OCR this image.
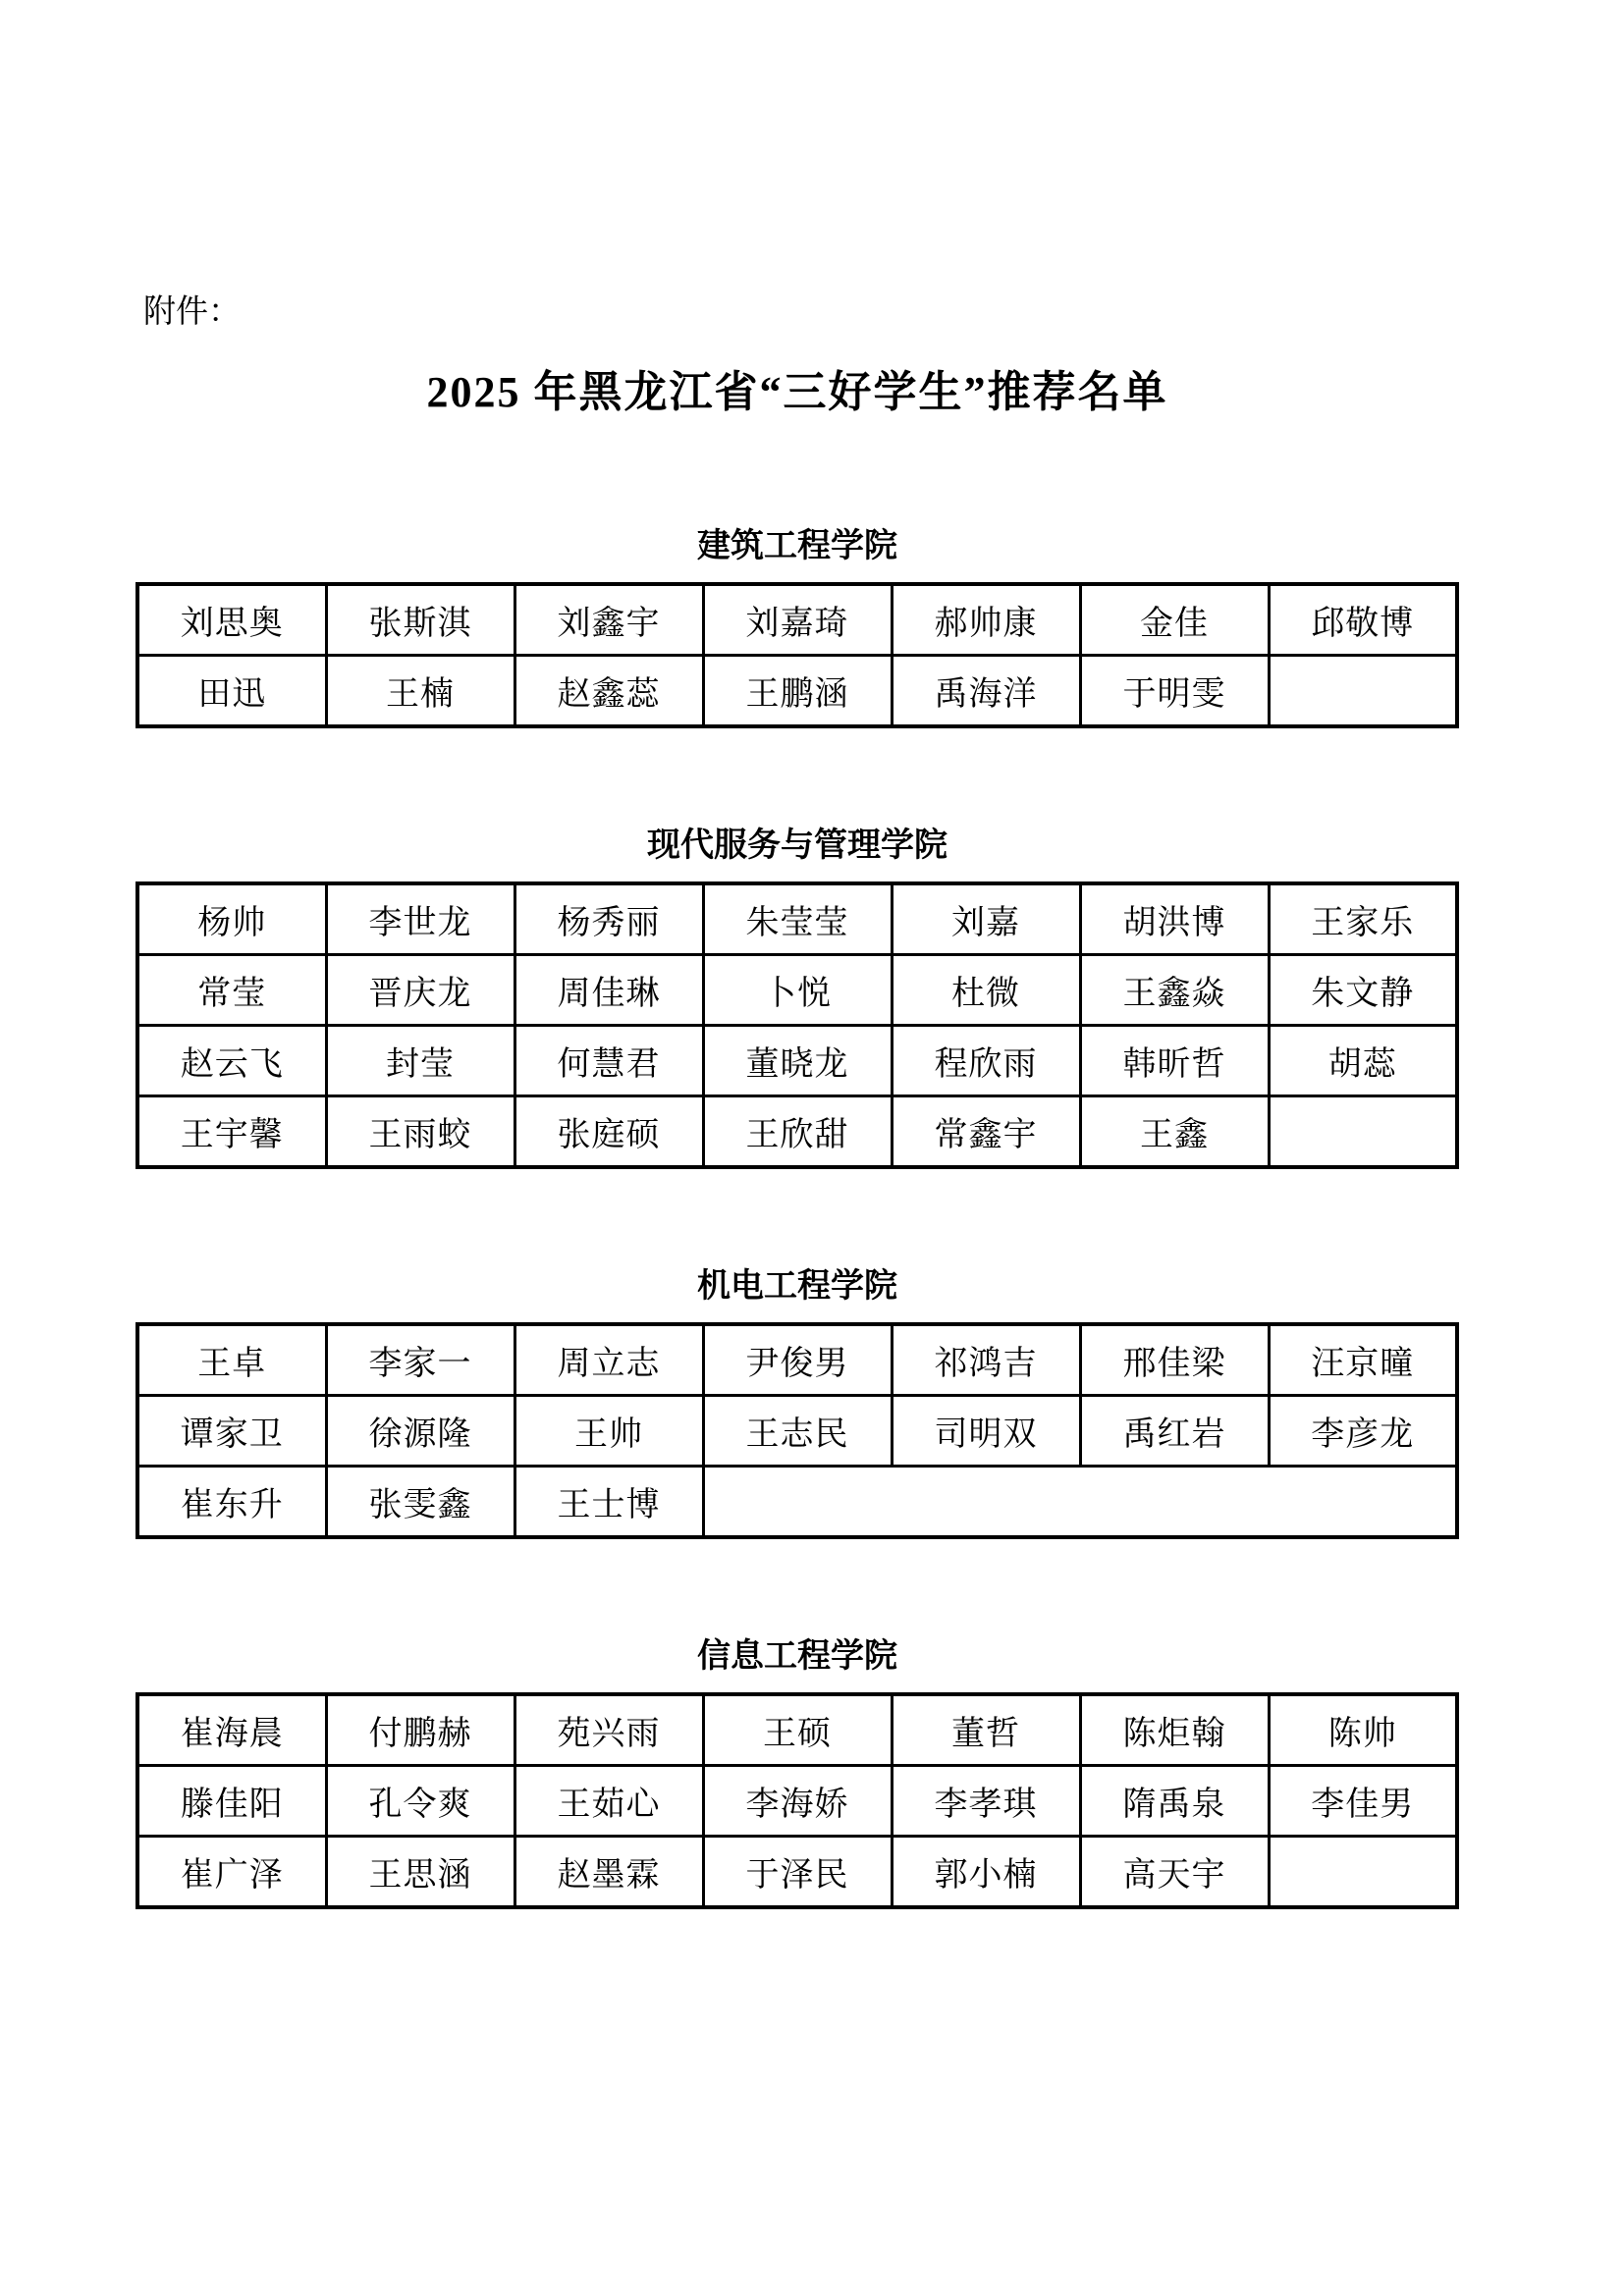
附件：

2025 年黑龙江省“三好学生”推荐名单
建筑工程学院
刘思奥	张斯淇	刘鑫宇	刘嘉琦	郝帅康	金佳	邱敬博
田迅	王楠	赵鑫蕊	王鹏涵	禹海洋	于明雯	
现代服务与管理学院
杨帅	李世龙	杨秀丽	朱莹莹	刘嘉	胡洪博	王家乐
常莹	晋庆龙	周佳琳	卜悦	杜微	王鑫焱	朱文静
赵云飞	封莹	何慧君	董晓龙	程欣雨	韩昕哲	胡蕊
王宇馨	王雨蛟	张庭硕	王欣甜	常鑫宇	王鑫	
机电工程学院
王卓	李家一	周立志	尹俊男	祁鸿吉	邢佳梁	汪京曈
谭家卫	徐源隆	王帅	王志民	司明双	禹红岩	李彦龙
崔东升	张雯鑫	王士博				
信息工程学院
崔海晨	付鹏赫	苑兴雨	王硕	董哲	陈炬翰	陈帅
滕佳阳	孔令爽	王茹心	李海娇	李孝琪	隋禹泉	李佳男
崔广泽	王思涵	赵墨霖	于泽民	郭小楠	高天宇	
